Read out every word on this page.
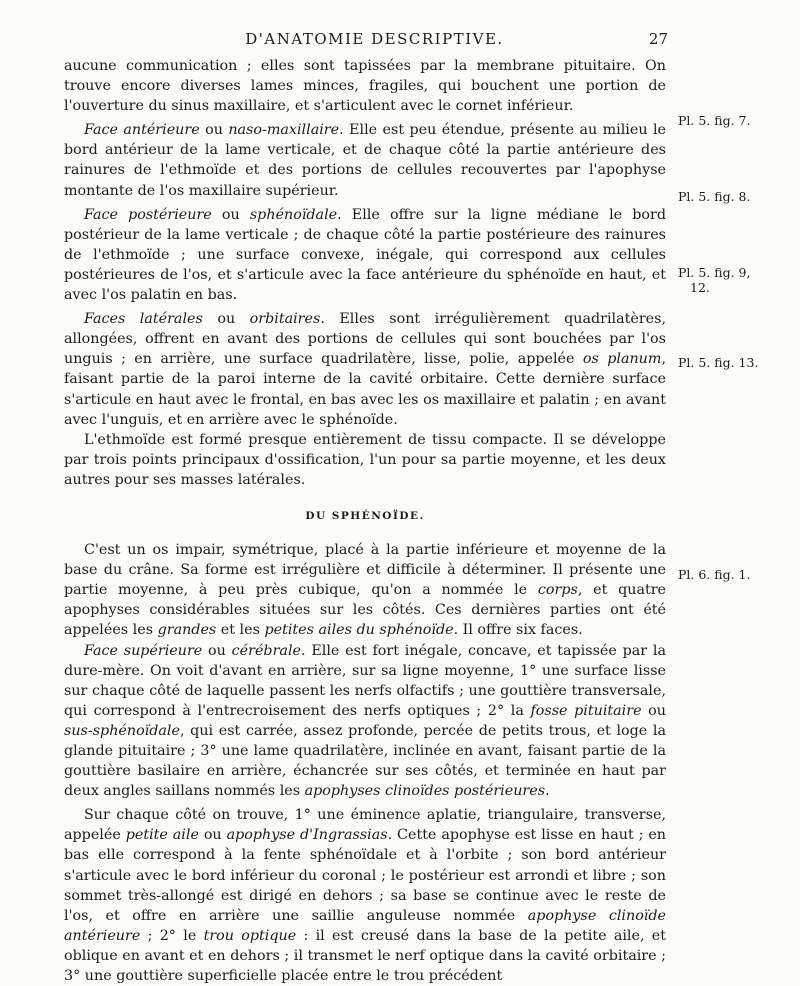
D'ANATOMIE DESCRIPTIVE.	27

aucune communication ; elles sont tapissées par la membrane pituitaire. On trouve encore diverses lames minces, fragiles, qui bouchent une portion de l'ouverture du sinus maxillaire, et s'articulent avec le cornet inférieur.

Face antérieure ou naso-maxillaire. Elle est peu étendue, présente au milieu le bord antérieur de la lame verticale, et de chaque côté la partie antérieure des rainures de l'ethmoïde et des portions de cellules recouvertes par l'apophyse montante de l'os maxillaire supérieur.

Face postérieure ou sphénoïdale. Elle offre sur la ligne médiane le bord postérieur de la lame verticale ; de chaque côté la partie postérieure des rainures de l'ethmoïde ; une surface convexe, inégale, qui correspond aux cellules postérieures de l'os, et s'articule avec la face antérieure du sphénoïde en haut, et avec l'os palatin en bas.

Faces latérales ou orbitaires. Elles sont irrégulièrement quadrilatères, allongées, offrent en avant des portions de cellules qui sont bouchées par l'os unguis ; en arrière, une surface quadrilatère, lisse, polie, appelée os planum, faisant partie de la paroi interne de la cavité orbitaire. Cette dernière surface s'articule en haut avec le frontal, en bas avec les os maxillaire et palatin ; en avant avec l'unguis, et en arrière avec le sphénoïde.

L'ethmoïde est formé presque entièrement de tissu compacte. Il se développe par trois points principaux d'ossification, l'un pour sa partie moyenne, et les deux autres pour ses masses latérales.

DU SPHÉNOÏDE.

C'est un os impair, symétrique, placé à la partie inférieure et moyenne de la base du crâne. Sa forme est irrégulière et difficile à déterminer. Il présente une partie moyenne, à peu près cubique, qu'on a nommée le corps, et quatre apophyses considérables situées sur les côtés. Ces dernières parties ont été appelées les grandes et les petites ailes du sphénoïde. Il offre six faces.

Face supérieure ou cérébrale. Elle est fort inégale, concave, et tapissée par la dure-mère. On voit d'avant en arrière, sur sa ligne moyenne, 1° une surface lisse sur chaque côté de laquelle passent les nerfs olfactifs ; une gouttière transversale, qui correspond à l'entrecroisement des nerfs optiques ; 2° la fosse pituitaire ou sus-sphénoïdale, qui est carrée, assez profonde, percée de petits trous, et loge la glande pituitaire ; 3° une lame quadrilatère, inclinée en avant, faisant partie de la gouttière basilaire en arrière, échancrée sur ses côtés, et terminée en haut par deux angles saillans nommés les apophyses clinoïdes postérieures.

Sur chaque côté on trouve, 1° une éminence aplatie, triangulaire, transverse, appelée petite aile ou apophyse d'Ingrassias. Cette apophyse est lisse en haut ; en bas elle correspond à la fente sphénoïdale et à l'orbite ; son bord antérieur s'articule avec le bord inférieur du coronal ; le postérieur est arrondi et libre ; son sommet très-allongé est dirigé en dehors ; sa base se continue avec le reste de l'os, et offre en arrière une saillie anguleuse nommée apophyse clinoïde antérieure ; 2° le trou optique : il est creusé dans la base de la petite aile, et oblique en avant et en dehors ; il transmet le nerf optique dans la cavité orbitaire ; 3° une gouttière superficielle placée entre le trou précédent

Pl. 5. fig. 7.
Pl. 5. fig. 8.
Pl. 5. fig. 9,
12.
Pl. 5. fig. 13.
Pl. 6. fig. 1.
